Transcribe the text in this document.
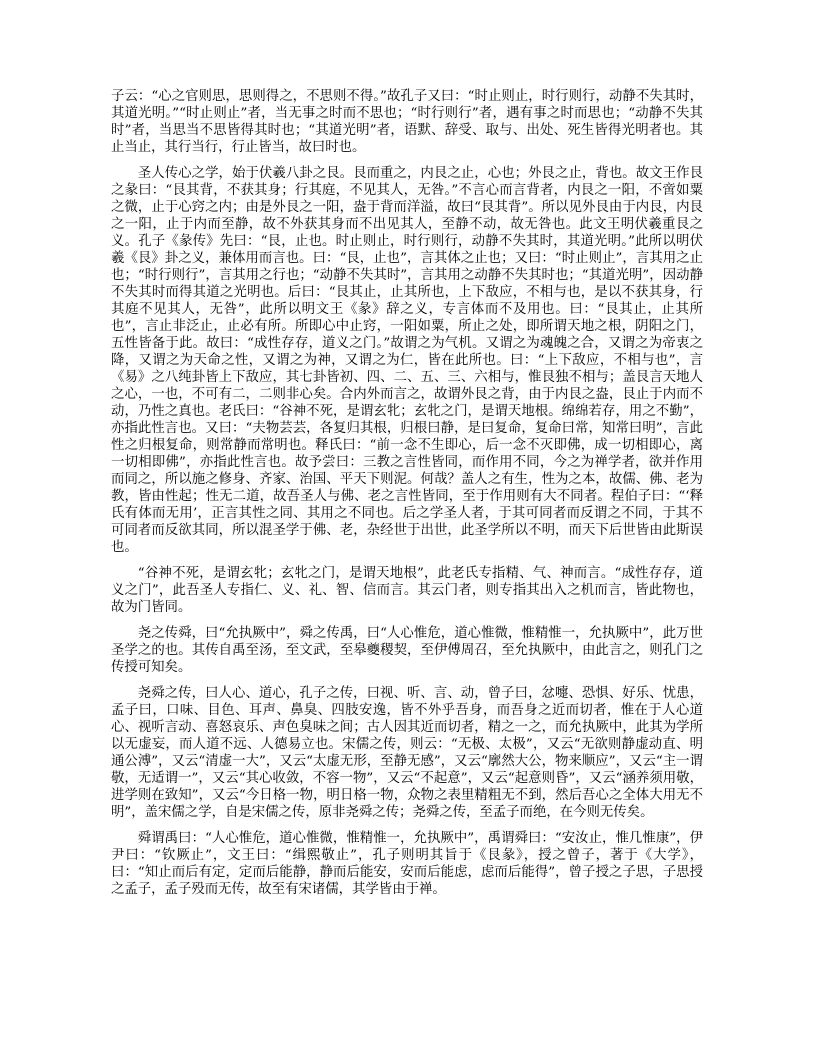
子云：“心之官则思，思则得之，不思则不得。”故孔子又曰：“时止则止，时行则行，动静不失其时，其道光明。”“时止则止”者，当无事之时而不思也；“时行则行”者，遇有事之时而思也；“动静不失其时”者，当思当不思皆得其时也；“其道光明”者，语默、辞受、取与、出处、死生皆得光明者也。其止当止，其行当行，行止皆当，故曰时也。

圣人传心之学，始于伏羲八卦之艮。艮而重之，内艮之止，心也；外艮之止，背也。故文王作艮之彖曰：“艮其背，不获其身；行其庭，不见其人，无咎。”不言心而言背者，内艮之一阳，不啻如粟之微，止于心窍之内；由是外艮之一阳，盎于背而洋溢，故曰“艮其背”。所以见外艮由于内艮，内艮之一阳，止于内而至静，故不外获其身而不出见其人，至静不动，故无咎也。此文王明伏羲重艮之义。孔子《彖传》先曰：“艮，止也。时止则止，时行则行，动静不失其时，其道光明。”此所以明伏羲《艮》卦之义，兼体用而言也。曰：“艮，止也”，言其体之止也；又曰：“时止则止”，言其用之止也；“时行则行”，言其用之行也；“动静不失其时”，言其用之动静不失其时也；“其道光明”，因动静不失其时而得其道之光明也。后曰：“艮其止，止其所也，上下敌应，不相与也，是以不获其身，行其庭不见其人，无咎”，此所以明文王《彖》辞之义，专言体而不及用也。曰：“艮其止，止其所也”，言止非泛止，止必有所。所即心中止窍，一阳如粟，所止之处，即所谓天地之根，阴阳之门，五性皆备于此。故曰：“成性存存，道义之门。”故谓之为气机。又谓之为魂魄之合，又谓之为帝衷之降，又谓之为天命之性，又谓之为神，又谓之为仁，皆在此所也。曰：“上下敌应，不相与也”，言《易》之八纯卦皆上下敌应，其七卦皆初、四、二、五、三、六相与，惟艮独不相与；盖艮言天地人之心，一也，不可有二，二则非心矣。合内外而言之，故谓外艮之背，由于内艮之盎，艮止于内而不动，乃性之真也。老氏曰：“谷神不死，是谓玄牝；玄牝之门，是谓天地根。绵绵若存，用之不勤”，亦指此性言也。又曰：“夫物芸芸，各复归其根，归根曰静，是曰复命，复命曰常，知常曰明”，言此性之归根复命，则常静而常明也。释氏曰：“前一念不生即心，后一念不灭即佛，成一切相即心，离一切相即佛”，亦指此性言也。故予尝曰：三教之言性皆同，而作用不同，今之为禅学者，欲并作用而同之，所以施之修身、齐家、治国、平天下则泥。何哉？盖人之有生，性为之本，故儒、佛、老为教，皆由性起；性无二道，故吾圣人与佛、老之言性皆同，至于作用则有大不同者。程伯子曰：“‘释氏有体而无用’，正言其性之同、其用之不同也。后之学圣人者，于其可同者而反谓之不同，于其不可同者而反欲其同，所以混圣学于佛、老，杂经世于出世，此圣学所以不明，而天下后世皆由此斯误也。

“谷神不死，是谓玄牝；玄牝之门，是谓天地根”，此老氏专指精、气、神而言。“成性存存，道义之门”，此吾圣人专指仁、义、礼、智、信而言。其云门者，则专指其出入之机而言，皆此物也，故为门皆同。

尧之传舜，曰“允执厥中”，舜之传禹，曰“人心惟危，道心惟微，惟精惟一，允执厥中”，此万世圣学之的也。其传自禹至汤，至文武，至皋夔稷契，至伊傅周召，至允执厥中，由此言之，则孔门之传授可知矣。

尧舜之传，曰人心、道心，孔子之传，曰视、听、言、动，曾子曰，忿嚏、恐惧、好乐、忧患，孟子曰，口味、目色、耳声、鼻臭、四肢安逸，皆不外乎吾身，而吾身之近而切者，惟在于人心道心、视听言动、喜怒哀乐、声色臭味之间；古人因其近而切者，精之一之，而允执厥中，此其为学所以无虚妄，而人道不远、人德易立也。宋儒之传，则云：“无极、太极”，又云“无欲则静虚动直、明通公溥”，又云“清虚一大”，又云“太虚无形，至静无感”，又云“廓然大公，物来顺应”，又云“主一谓敬，无适谓一”，又云“其心收敛，不容一物”，又云“不起意”，又云“起意则昏”，又云“涵养须用敬，进学则在致知”，又云“今日格一物，明日格一物，众物之表里精粗无不到，然后吾心之全体大用无不明”，盖宋儒之学，自是宋儒之传，原非尧舜之传；尧舜之传，至孟子而绝，在今则无传矣。

舜谓禹曰：“人心惟危，道心惟微，惟精惟一，允执厥中”，禹谓舜曰：“安汝止，惟几惟康”，伊尹曰：“钦厥止”，文王曰：“缉熙敬止”，孔子则明其旨于《艮彖》，授之曾子，著于《大学》，曰：“知止而后有定，定而后能静，静而后能安，安而后能虑，虑而后能得”，曾子授之子思，子思授之孟子，孟子殁而无传，故至有宋诸儒，其学皆由于禅。
